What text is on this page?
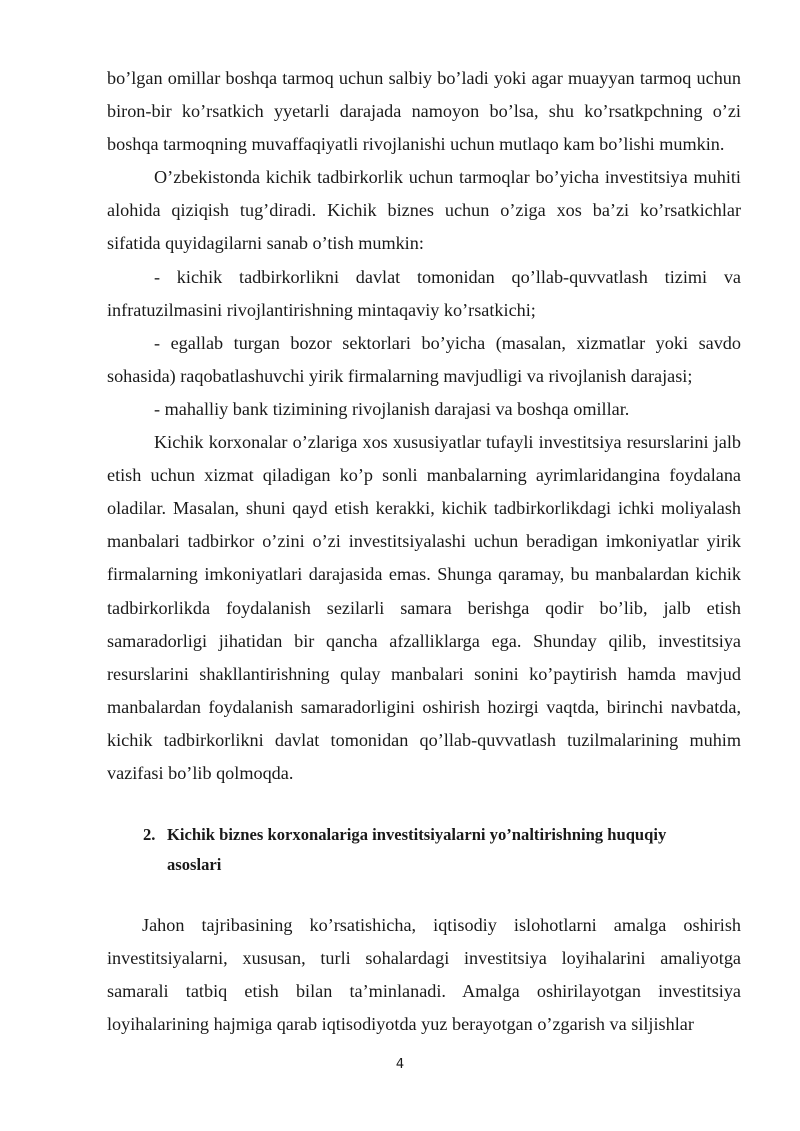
bo’lgan omillar boshqa tarmoq uchun salbiy bo’ladi yoki agar muayyan tarmoq uchun biron-bir ko’rsatkich yyetarli darajada namoyon bo’lsa, shu ko’rsatkpchning o’zi boshqa tarmoqning muvaffaqiyatli rivojlanishi uchun mutlaqo kam bo’lishi mumkin.

O’zbekistonda kichik tadbirkorlik uchun tarmoqlar bo’yicha investitsiya muhiti alohida qiziqish tug’diradi. Kichik biznes uchun o’ziga xos ba’zi ko’rsatkichlar sifatida quyidagilarni sanab o’tish mumkin:

- kichik tadbirkorlikni davlat tomonidan qo’llab-quvvatlash tizimi va infratuzilmasini rivojlantirishning mintaqaviy ko’rsatkichi;

- egallab turgan bozor sektorlari bo’yicha (masalan, xizmatlar yoki savdo sohasida) raqobatlashuvchi yirik firmalarning mavjudligi va rivojlanish darajasi;

- mahalliy bank tizimining rivojlanish darajasi va boshqa omillar.

Kichik korxonalar o’zlariga xos xususiyatlar tufayli investitsiya resurslarini jalb etish uchun xizmat qiladigan ko’p sonli manbalarning ayrimlaridangina foydalana oladilar. Masalan, shuni qayd etish kerakki, kichik tadbirkorlikdagi ichki moliyalash manbalari tadbirkor o’zini o’zi investitsiyalashi uchun beradigan imkoniyatlar yirik firmalarning imkoniyatlari darajasida emas. Shunga qaramay, bu manbalardan kichik tadbirkorlikda foydalanish sezilarli samara berishga qodir bo’lib, jalb etish samaradorligi jihatidan bir qancha afzalliklarga ega. Shunday qilib, investitsiya resurslarini shakllantirishning qulay manbalari sonini ko’paytirish hamda mavjud manbalardan foydalanish samaradorligini oshirish hozirgi vaqtda, birinchi navbatda, kichik tadbirkorlikni davlat tomonidan qo’llab-quvvatlash tuzilmalarining muhim vazifasi bo’lib qolmoqda.

2. Kichik biznes korxonalariga investitsiyalarni yo’naltirishning huquqiy asoslari

Jahon tajribasining ko’rsatishicha, iqtisodiy islohotlarni amalga oshirish investitsiyalarni, xususan, turli sohalardagi investitsiya loyihalarini amaliyotga samarali tatbiq etish bilan ta’minlanadi. Amalga oshirilayotgan investitsiya loyihalarining hajmiga qarab iqtisodiyotda yuz berayotgan o’zgarish va siljishlar

4
